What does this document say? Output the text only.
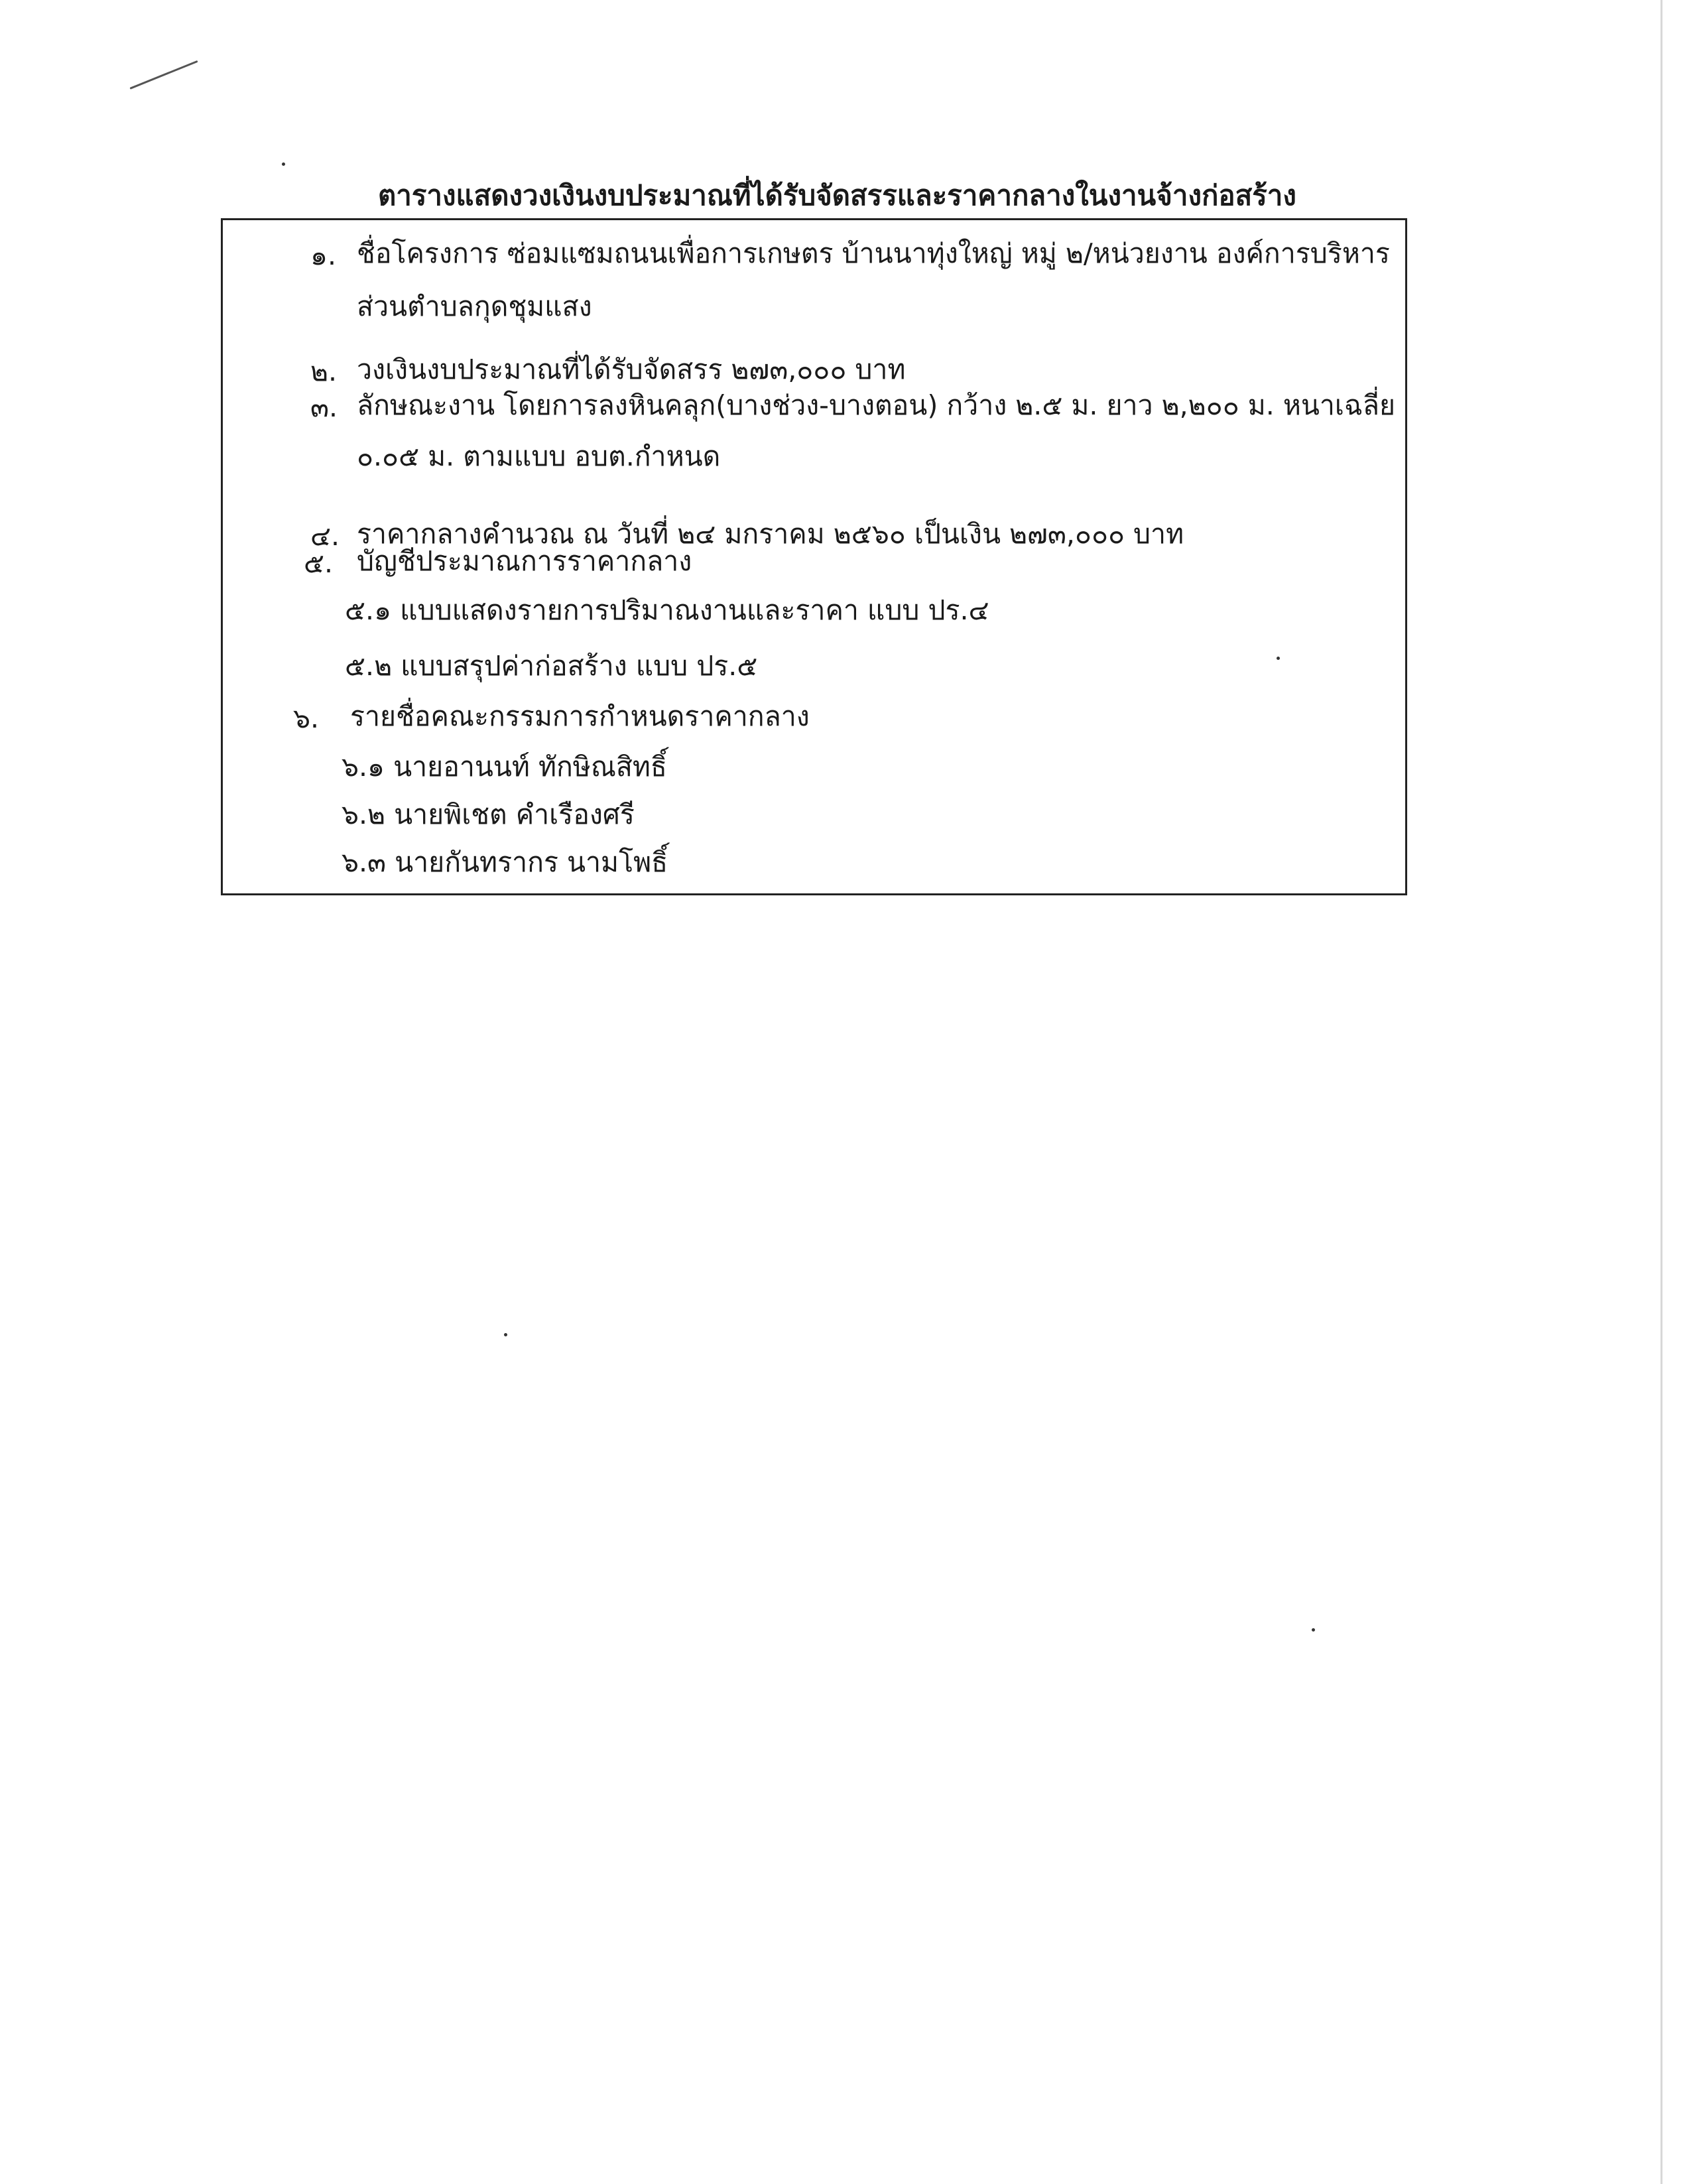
ตารางแสดงวงเงินงบประมาณที่ได้รับจัดสรรและราคากลางในงานจ้างก่อสร้าง
๑. ชื่อโครงการ ซ่อมแซมถนนเพื่อการเกษตร บ้านนาทุ่งใหญ่ หมู่ ๒/หน่วยงาน องค์การบริหาร
ส่วนตำบลกุดชุมแสง
๒. วงเงินงบประมาณที่ได้รับจัดสรร ๒๗๓,๐๐๐ บาท
๓. ลักษณะงาน โดยการลงหินคลุก(บางช่วง-บางตอน) กว้าง ๒.๕ ม. ยาว ๒,๒๐๐ ม. หนาเฉลี่ย
๐.๐๕ ม. ตามแบบ อบต.กำหนด
๔. ราคากลางคำนวณ ณ วันที่ ๒๔ มกราคม ๒๕๖๐ เป็นเงิน ๒๗๓,๐๐๐ บาท
๕. บัญชีประมาณการราคากลาง
๕.๑ แบบแสดงรายการปริมาณงานและราคา แบบ ปร.๔
๕.๒ แบบสรุปค่าก่อสร้าง แบบ ปร.๕
๖. รายชื่อคณะกรรมการกำหนดราคากลาง
๖.๑ นายอานนท์ ทักษิณสิทธิ์
๖.๒ นายพิเชต คำเรืองศรี
๖.๓ นายกันทรากร นามโพธิ์
